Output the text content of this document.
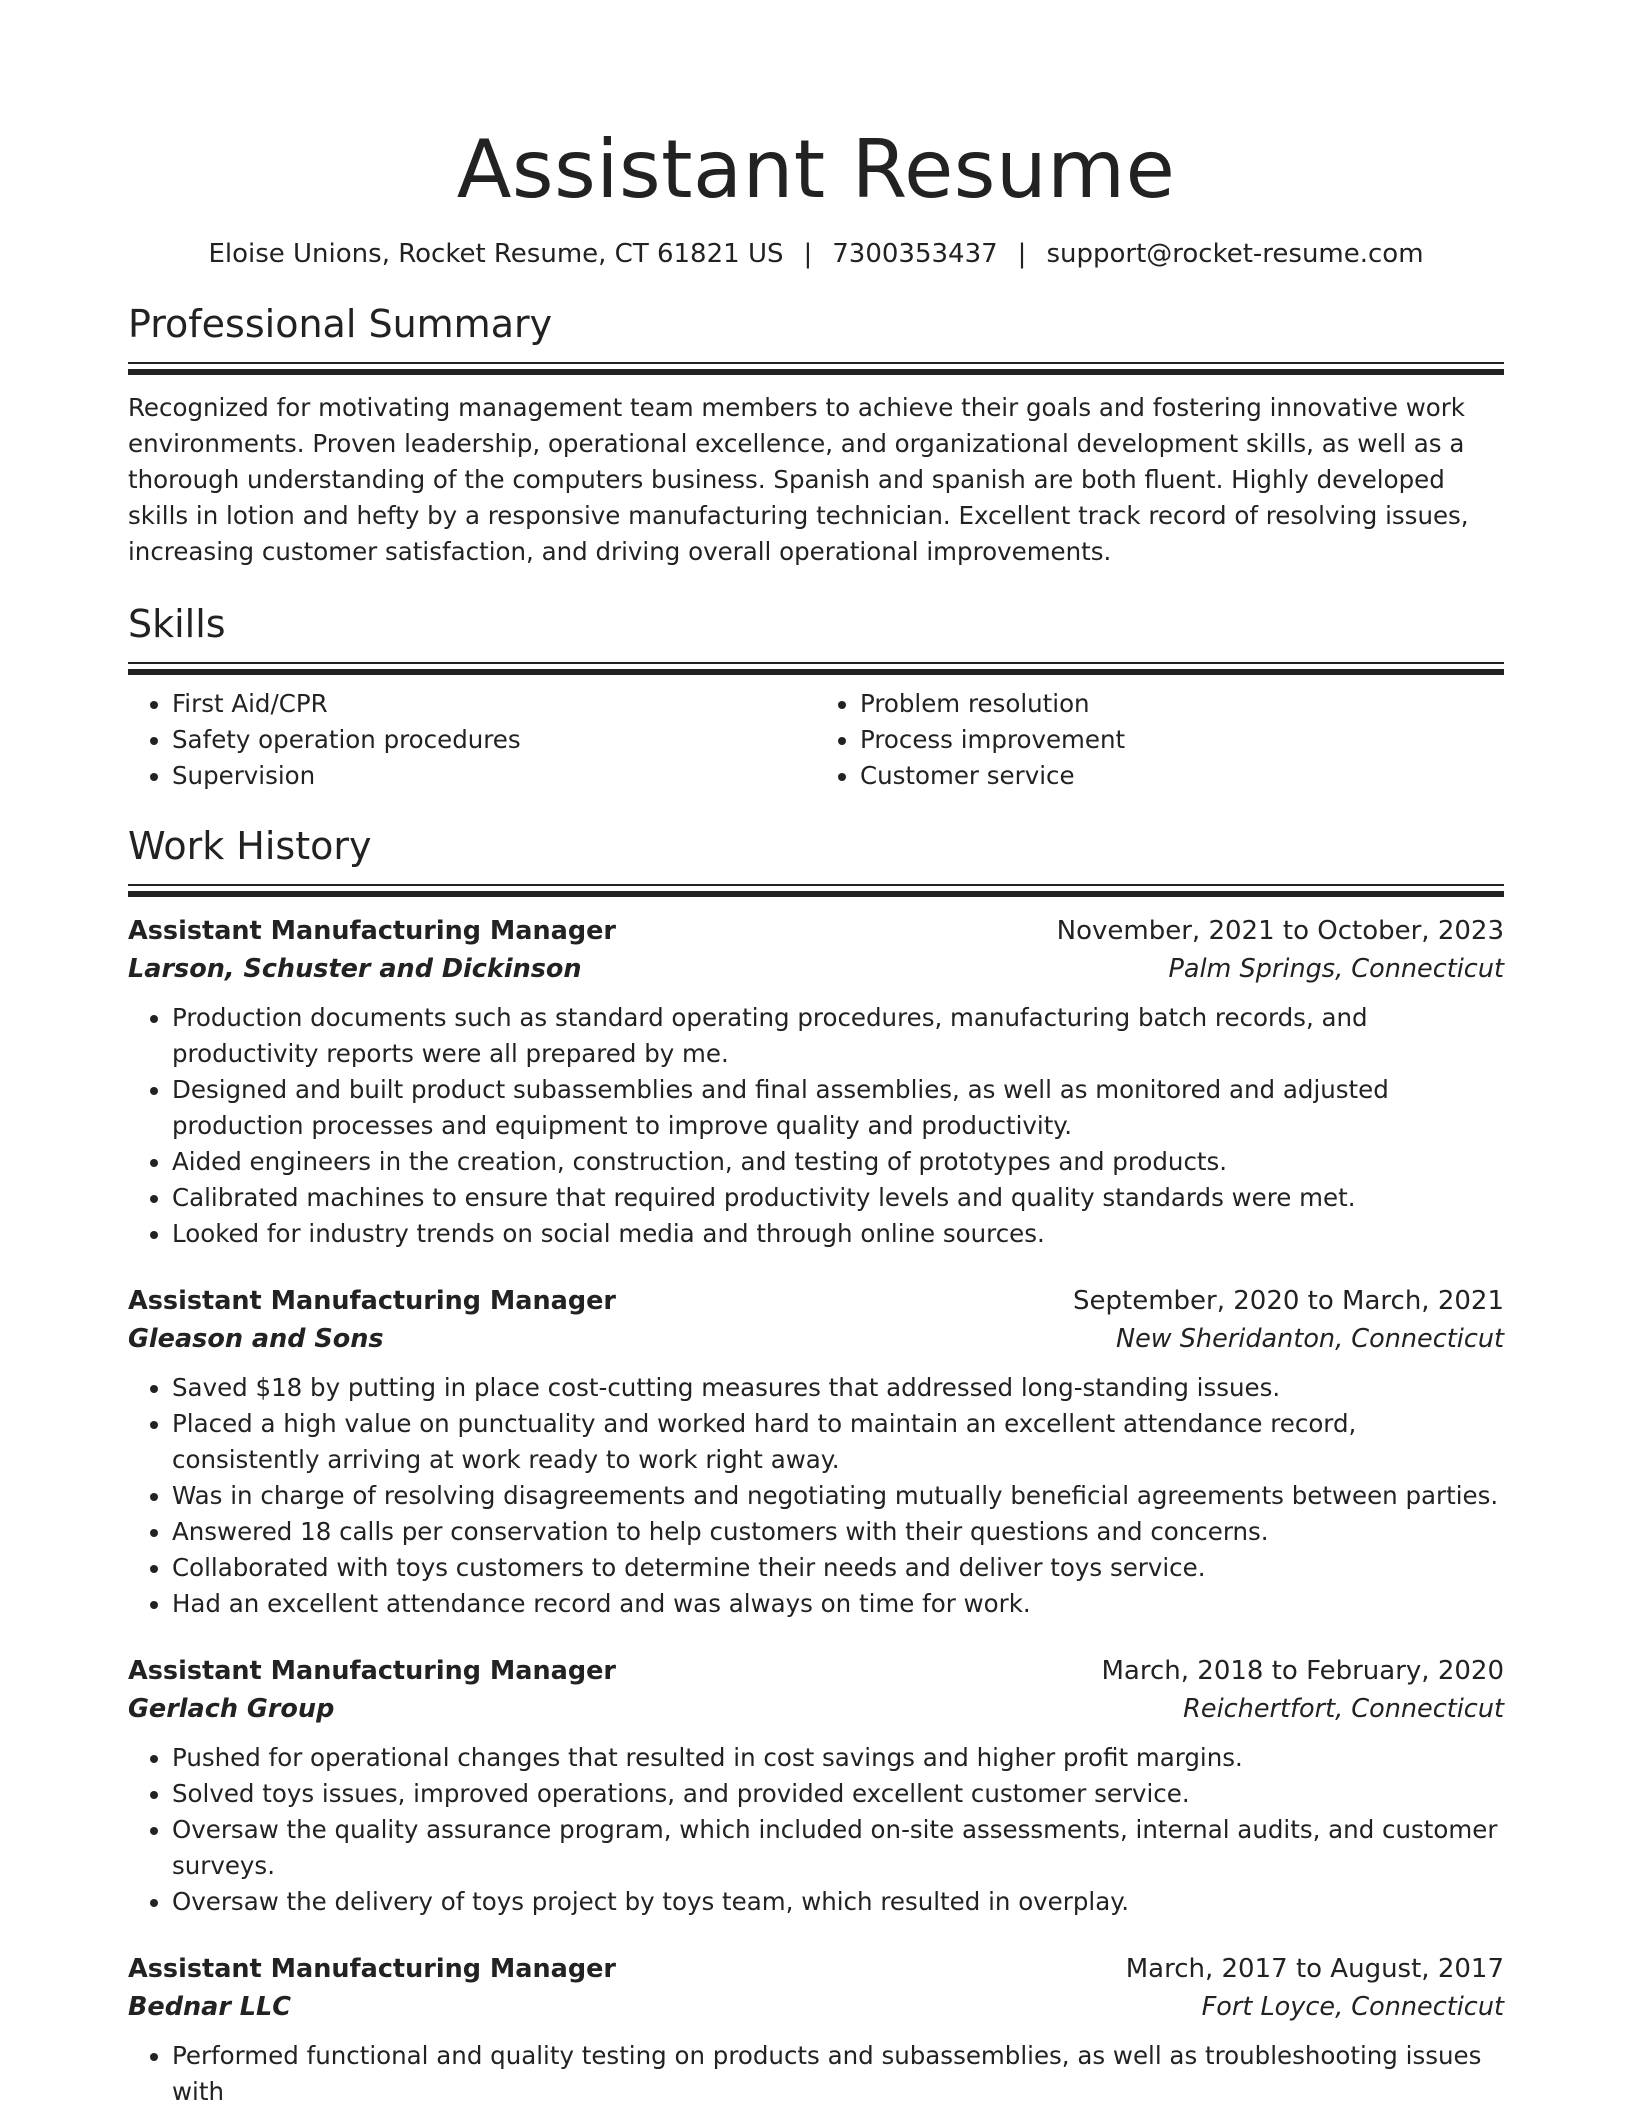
Assistant Resume
Eloise Unions, Rocket Resume, CT 61821 US | 7300353437 | support@rocket-resume.com
Professional Summary

Recognized for motivating management team members to achieve their goals and fostering innovative work environments. Proven leadership, operational excellence, and organizational development skills, as well as a thorough understanding of the computers business. Spanish and spanish are both fluent. Highly developed skills in lotion and hefty by a responsive manufacturing technician. Excellent track record of resolving issues, increasing customer satisfaction, and driving overall operational improvements.

Skills
• First Aid/CPR
• Safety operation procedures
• Supervision
• Problem resolution
• Process improvement
• Customer service
Work History
Assistant Manufacturing Manager	November, 2021 to October, 2023
Larson, Schuster and Dickinson	Palm Springs, Connecticut
• Production documents such as standard operating procedures, manufacturing batch records, and productivity reports were all prepared by me.
• Designed and built product subassemblies and final assemblies, as well as monitored and adjusted production processes and equipment to improve quality and productivity.
• Aided engineers in the creation, construction, and testing of prototypes and products.
• Calibrated machines to ensure that required productivity levels and quality standards were met.
• Looked for industry trends on social media and through online sources.
Assistant Manufacturing Manager	September, 2020 to March, 2021
Gleason and Sons	New Sheridanton, Connecticut
• Saved $18 by putting in place cost-cutting measures that addressed long-standing issues.
• Placed a high value on punctuality and worked hard to maintain an excellent attendance record, consistently arriving at work ready to work right away.
• Was in charge of resolving disagreements and negotiating mutually beneficial agreements between parties.
• Answered 18 calls per conservation to help customers with their questions and concerns.
• Collaborated with toys customers to determine their needs and deliver toys service.
• Had an excellent attendance record and was always on time for work.
Assistant Manufacturing Manager	March, 2018 to February, 2020
Gerlach Group	Reichertfort, Connecticut
• Pushed for operational changes that resulted in cost savings and higher profit margins.
• Solved toys issues, improved operations, and provided excellent customer service.
• Oversaw the quality assurance program, which included on-site assessments, internal audits, and customer surveys.
• Oversaw the delivery of toys project by toys team, which resulted in overplay.
Assistant Manufacturing Manager	March, 2017 to August, 2017
Bednar LLC	Fort Loyce, Connecticut
• Performed functional and quality testing on products and subassemblies, as well as troubleshooting issues with
